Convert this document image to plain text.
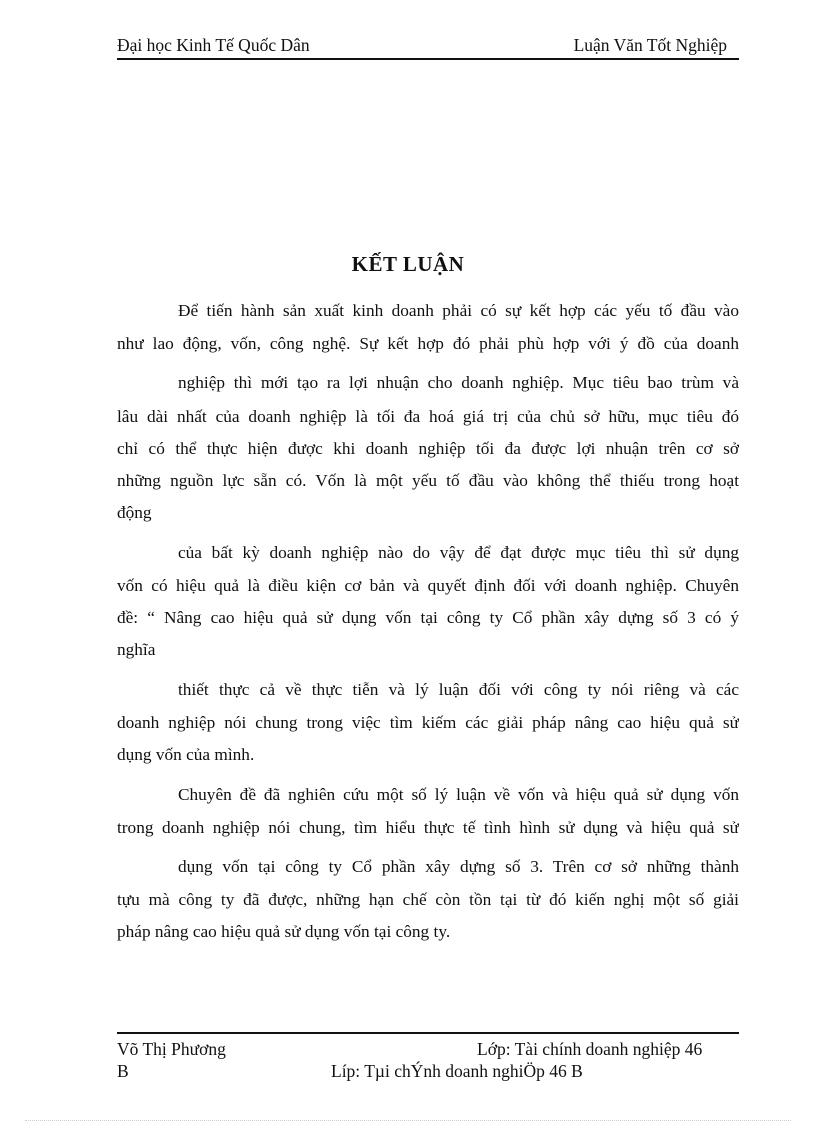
Đại học Kinh Tế Quốc Dân	Luận Văn Tốt Nghiệp
KẾT LUẬN
Để tiến hành sản xuất kinh doanh phải có sự kết hợp các yếu tố đầu vào
như lao động, vốn, công nghệ. Sự kết hợp đó phải phù hợp với ý đồ của doanh
nghiệp thì mới tạo ra lợi nhuận cho doanh nghiệp. Mục tiêu bao trùm và
lâu dài nhất của doanh nghiệp là tối đa hoá giá trị của chủ sở hữu, mục tiêu đó
chỉ có thể thực hiện được khi doanh nghiệp tối đa được lợi nhuận trên cơ sở
những nguồn lực sẵn có. Vốn là một yếu tố đầu vào không thể thiếu trong hoạt
động
của bất kỳ doanh nghiệp nào do vậy để đạt được mục tiêu thì sử dụng
vốn có hiệu quả là điều kiện cơ bản và quyết định đối với doanh nghiệp. Chuyên
đề: “ Nâng cao hiệu quả sử dụng vốn tại công ty Cổ phần xây dựng số 3 có ý
nghĩa
thiết thực cả về thực tiễn và lý luận đối với công ty nói riêng và các
doanh nghiệp nói chung trong việc tìm kiếm các giải pháp nâng cao hiệu quả sử
dụng vốn của mình.
Chuyên đề đã nghiên cứu một số lý luận về vốn và hiệu quả sử dụng vốn
trong doanh nghiệp nói chung, tìm hiểu thực tế tình hình sử dụng và hiệu quả sử
dụng vốn tại công ty Cổ phần xây dựng số 3. Trên cơ sở những thành
tựu mà công ty đã được, những hạn chế còn tồn tại từ đó kiến nghị một số giải
pháp nâng cao hiệu quả sử dụng vốn tại công ty.
Võ Thị Phương	Lớp: Tài chính doanh nghiệp 46
B	Líp: Tµi chÝnh doanh nghiÖp 46 B
